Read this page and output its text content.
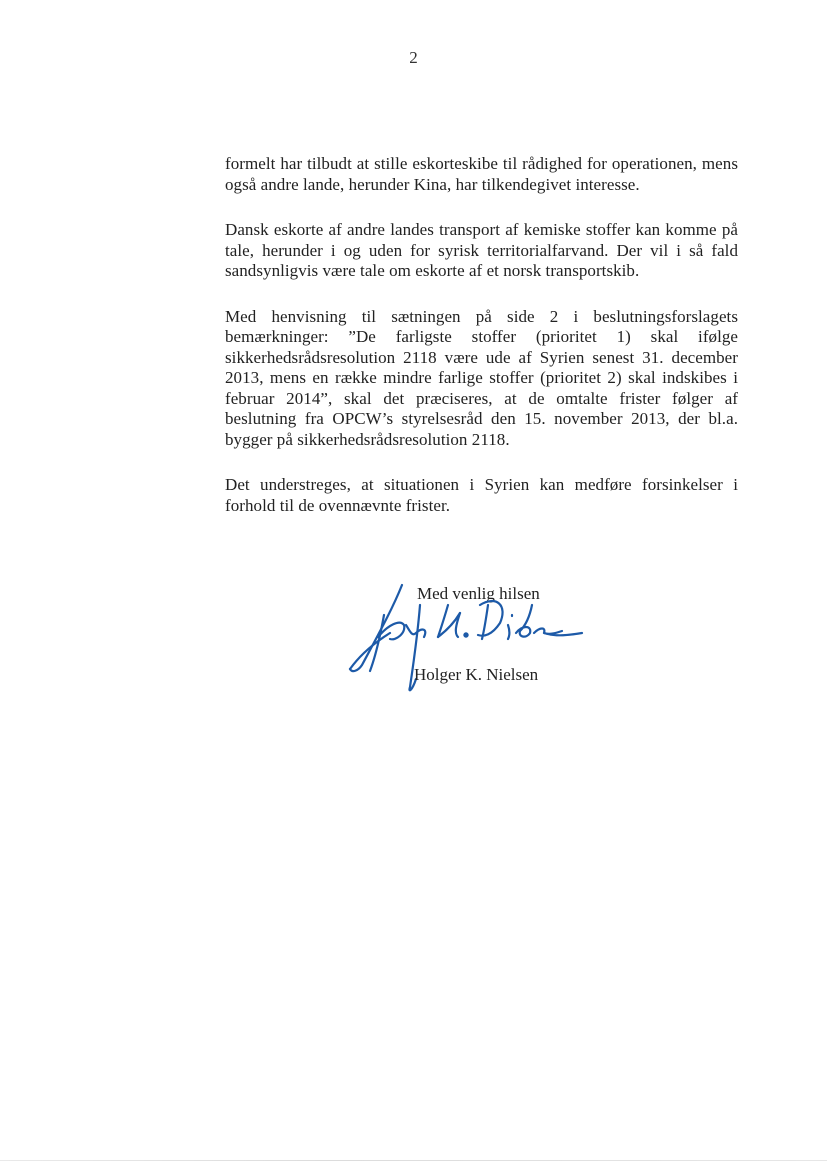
2

formelt har tilbudt at stille eskorteskibe til rådighed for operationen, mens også andre lande, herunder Kina, har tilkendegivet interesse.

Dansk eskorte af andre landes transport af kemiske stoffer kan komme på tale, herunder i og uden for syrisk territorialfarvand. Der vil i så fald sandsynligvis være tale om eskorte af et norsk transportskib.

Med henvisning til sætningen på side 2 i beslutningsforslagets bemærkninger: ”De farligste stoffer (prioritet 1) skal ifølge sikkerhedsrådsresolution 2118 være ude af Syrien senest 31. december 2013, mens en række mindre farlige stoffer (prioritet 2) skal indskibes i februar 2014”, skal det præciseres, at de omtalte frister følger af beslutning fra OPCW’s styrelsesråd den 15. november 2013, der bl.a. bygger på sikkerhedsrådsresolution 2118.

Det understreges, at situationen i Syrien kan medføre forsinkelser i forhold til de ovennævnte frister.

Med venlig hilsen
Holger K. Nielsen
